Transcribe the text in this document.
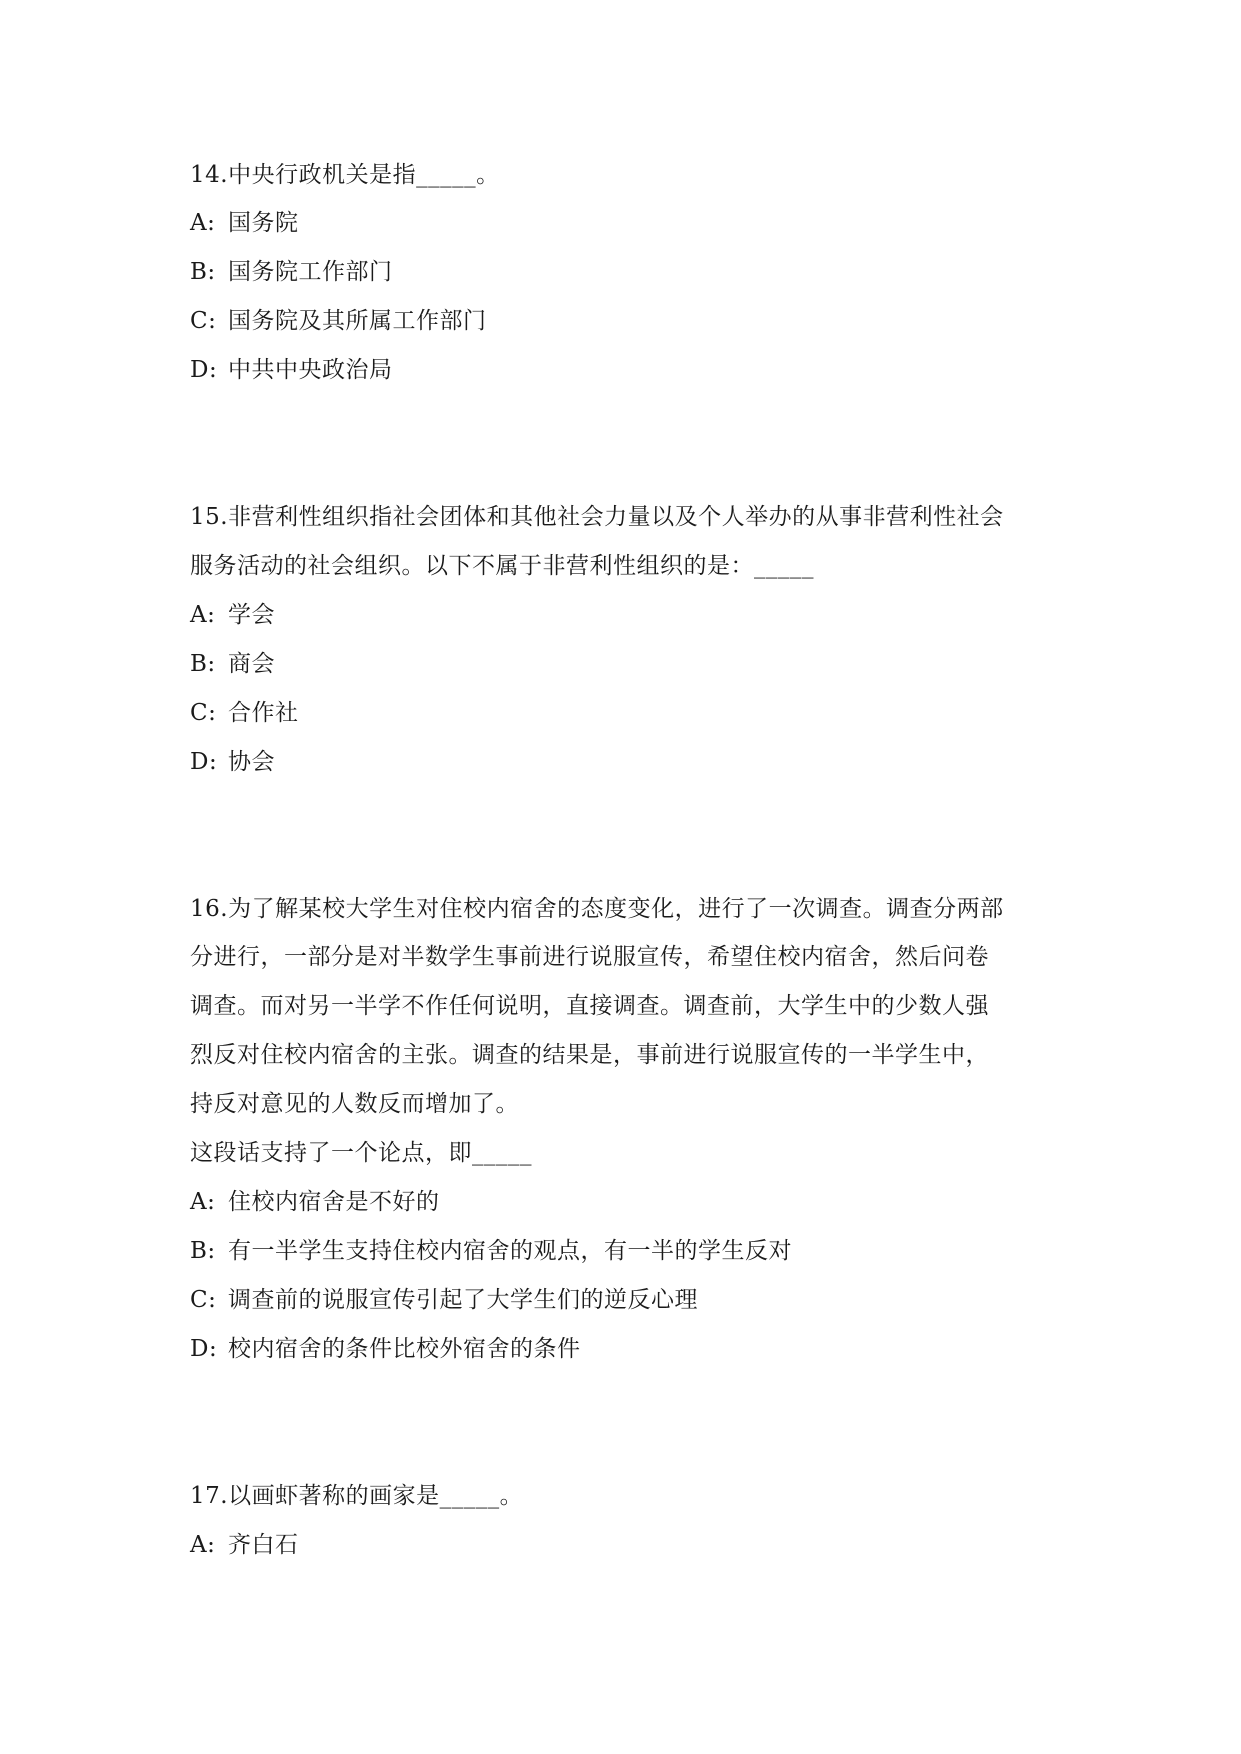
14.中央行政机关是指_____。
A: 国务院
B: 国务院工作部门
C: 国务院及其所属工作部门
D: 中共中央政治局
15.非营利性组织指社会团体和其他社会力量以及个人举办的从事非营利性社会
服务活动的社会组织。以下不属于非营利性组织的是：_____
A: 学会
B: 商会
C: 合作社
D: 协会
16.为了解某校大学生对住校内宿舍的态度变化，进行了一次调查。调查分两部
分进行，一部分是对半数学生事前进行说服宣传，希望住校内宿舍，然后问卷
调查。而对另一半学不作任何说明，直接调查。调查前，大学生中的少数人强
烈反对住校内宿舍的主张。调查的结果是，事前进行说服宣传的一半学生中，
持反对意见的人数反而增加了。
这段话支持了一个论点，即_____
A: 住校内宿舍是不好的
B: 有一半学生支持住校内宿舍的观点，有一半的学生反对
C: 调查前的说服宣传引起了大学生们的逆反心理
D: 校内宿舍的条件比校外宿舍的条件
17.以画虾著称的画家是_____。
A: 齐白石
